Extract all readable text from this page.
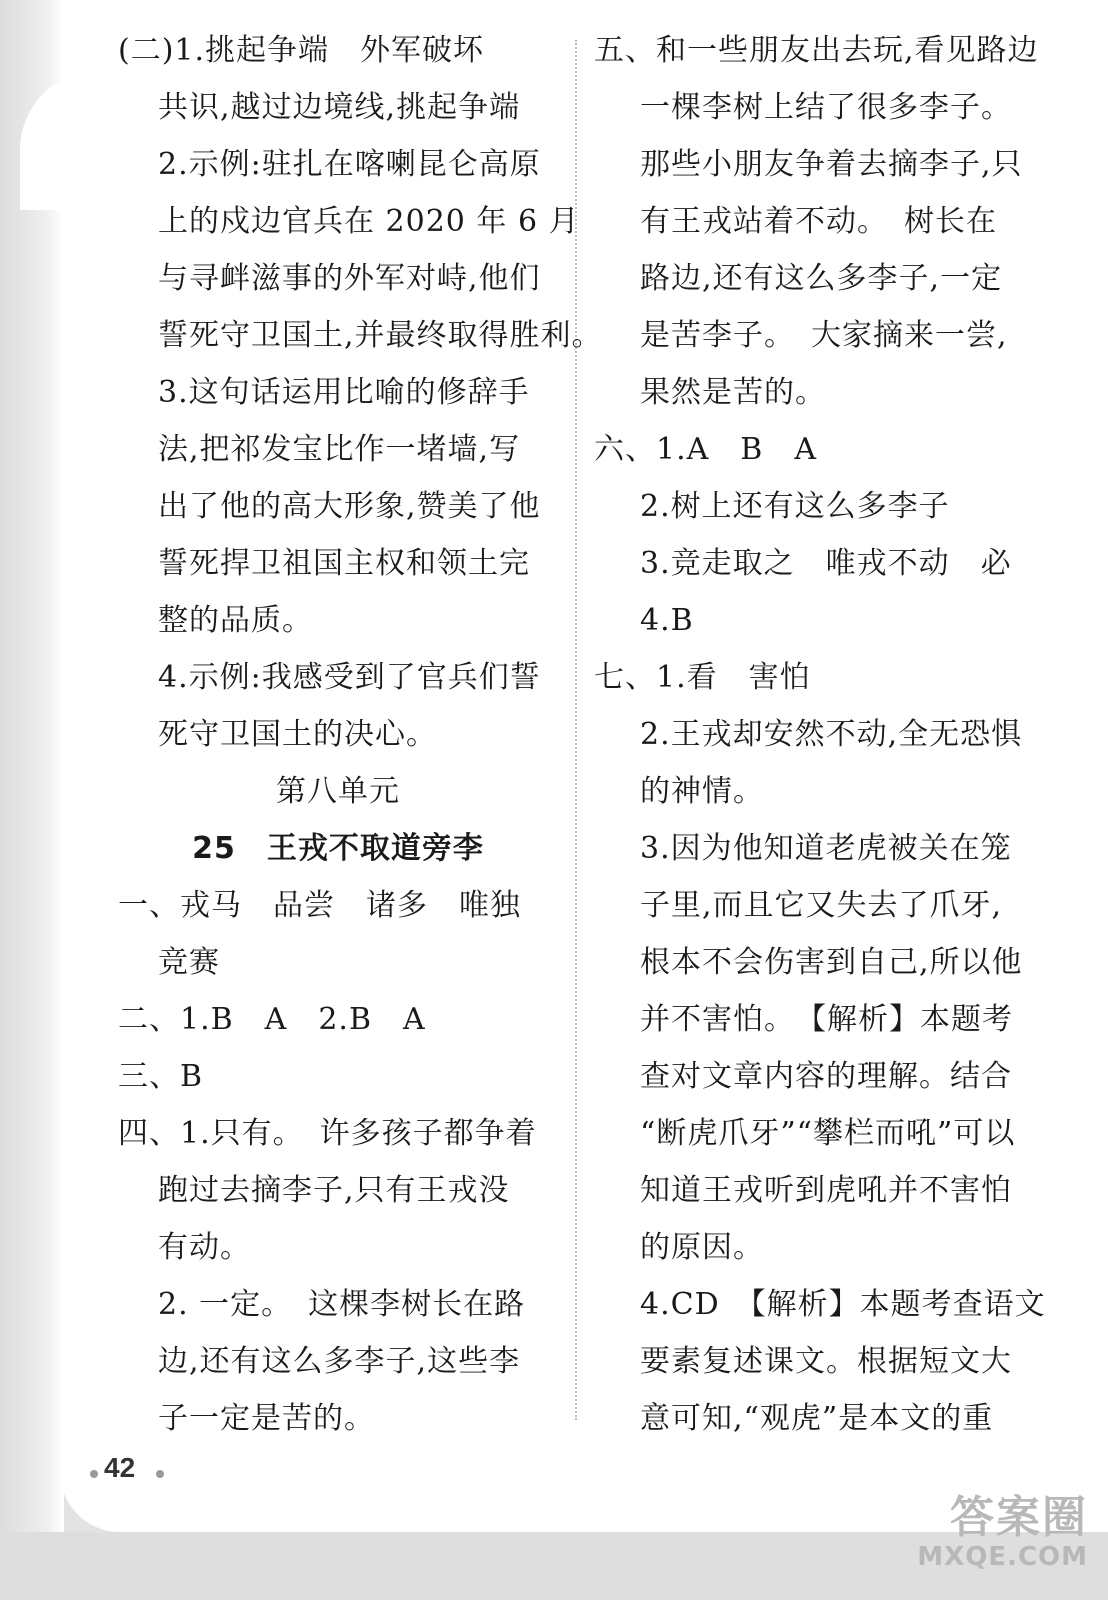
(二)1.挑起争端　外军破坏
共识,越过边境线,挑起争端
2.示例:驻扎在喀喇昆仑高原
上的戍边官兵在 2020 年 6 月
与寻衅滋事的外军对峙,他们
誓死守卫国土,并最终取得胜利。
3.这句话运用比喻的修辞手
法,把祁发宝比作一堵墙,写
出了他的高大形象,赞美了他
誓死捍卫祖国主权和领土完
整的品质。
4.示例:我感受到了官兵们誓
死守卫国土的决心。
第八单元
25　王戎不取道旁李
一、戎马　品尝　诸多　唯独
竞赛
二、1.B　A　2.B　A
三、B
四、1.只有。　许多孩子都争着
跑过去摘李子,只有王戎没
有动。
2. 一定。　这棵李树长在路
边,还有这么多李子,这些李
子一定是苦的。
五、和一些朋友出去玩,看见路边
一棵李树上结了很多李子。
那些小朋友争着去摘李子,只
有王戎站着不动。　树长在
路边,还有这么多李子,一定
是苦李子。　大家摘来一尝,
果然是苦的。
六、1.A　B　A
2.树上还有这么多李子
3.竞走取之　唯戎不动　必
4.B
七、1.看　害怕
2.王戎却安然不动,全无恐惧
的神情。
3.因为他知道老虎被关在笼
子里,而且它又失去了爪牙,
根本不会伤害到自己,所以他
并不害怕。　【解析】本题考
查对文章内容的理解。结合
“断虎爪牙”“攀栏而吼”可以
知道王戎听到虎吼并不害怕
的原因。
4.CD　【解析】本题考查语文
要素复述课文。根据短文大
意可知,“观虎”是本文的重
42
答案圈
MXQE.COM
